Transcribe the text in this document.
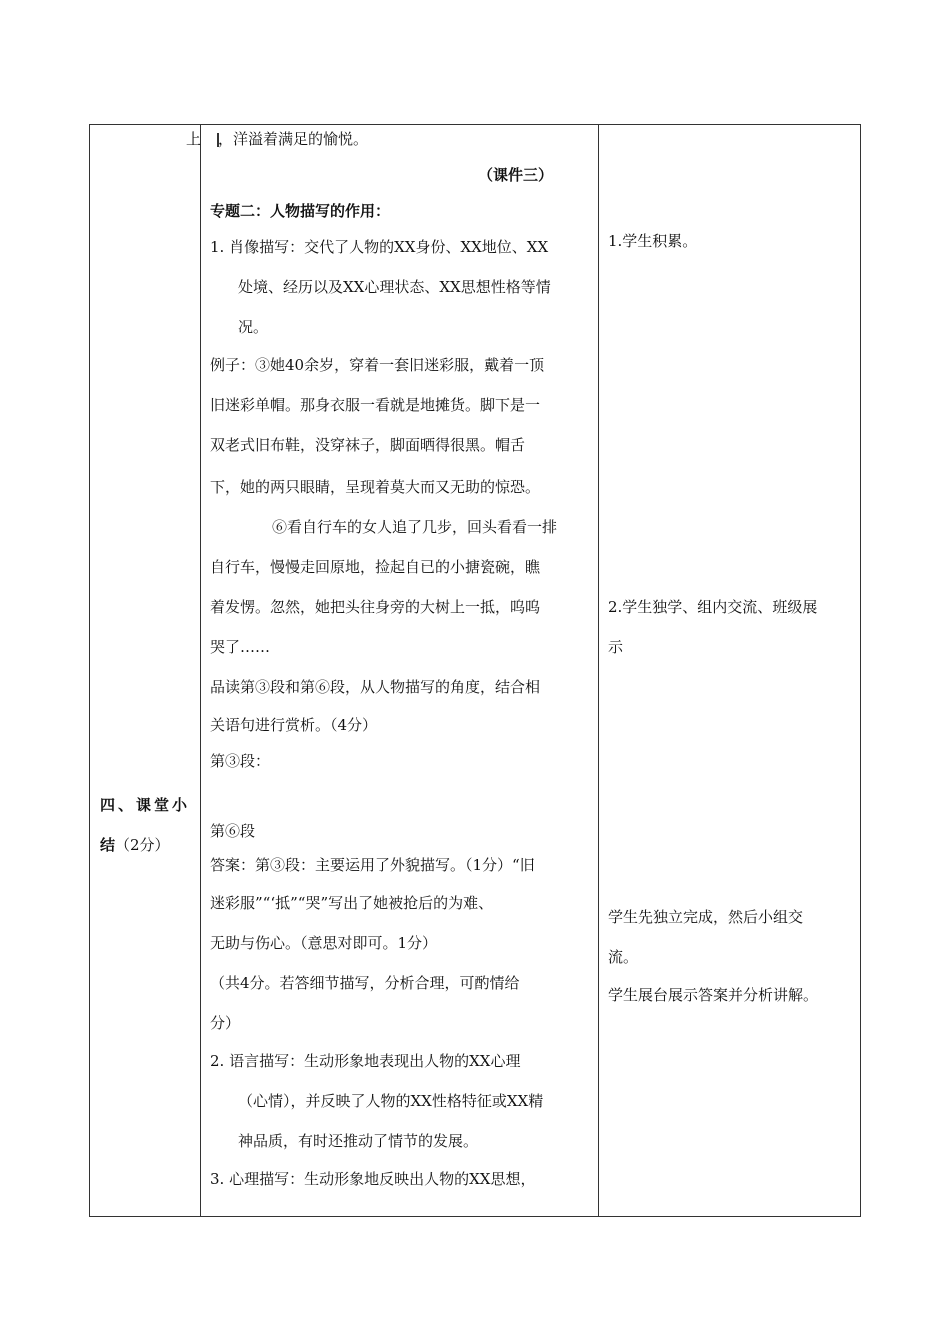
上
四、课堂小
结（2分）
，洋溢着满足的愉悦。
（课件三）
专题二：人物描写的作用：
1. 肖像描写：交代了人物的XX身份、XX地位、XX
处境、经历以及XX心理状态、XX思想性格等情
况。
例子：③她40余岁，穿着一套旧迷彩服，戴着一顶
旧迷彩单帽。那身衣服一看就是地摊货。脚下是一
双老式旧布鞋，没穿袜子，脚面晒得很黑。帽舌
下，她的两只眼睛，呈现着莫大而又无助的惊恐。
⑥看自行车的女人追了几步，回头看看一排
自行车，慢慢走回原地，捡起自已的小搪瓷碗，瞧
着发愣。忽然，她把头往身旁的大树上一抵，呜呜
哭了……
品读第③段和第⑥段，从人物描写的角度，结合相
关语句进行赏析。（4分）
第③段：
第⑥段
答案：第③段：主要运用了外貌描写。（1分）“旧
迷彩服”“‘抵”“哭”写出了她被抢后的为难、
无助与伤心。（意思对即可。1分）
（共4分。若答细节描写，分析合理，可酌情给
分）
2. 语言描写：生动形象地表现出人物的XX心理
（心情），并反映了人物的XX性格特征或XX精
神品质，有时还推动了情节的发展。
3. 心理描写：生动形象地反映出人物的XX思想，
1.学生积累。
2.学生独学、组内交流、班级展
示
学生先独立完成，然后小组交
流。
学生展台展示答案并分析讲解。
